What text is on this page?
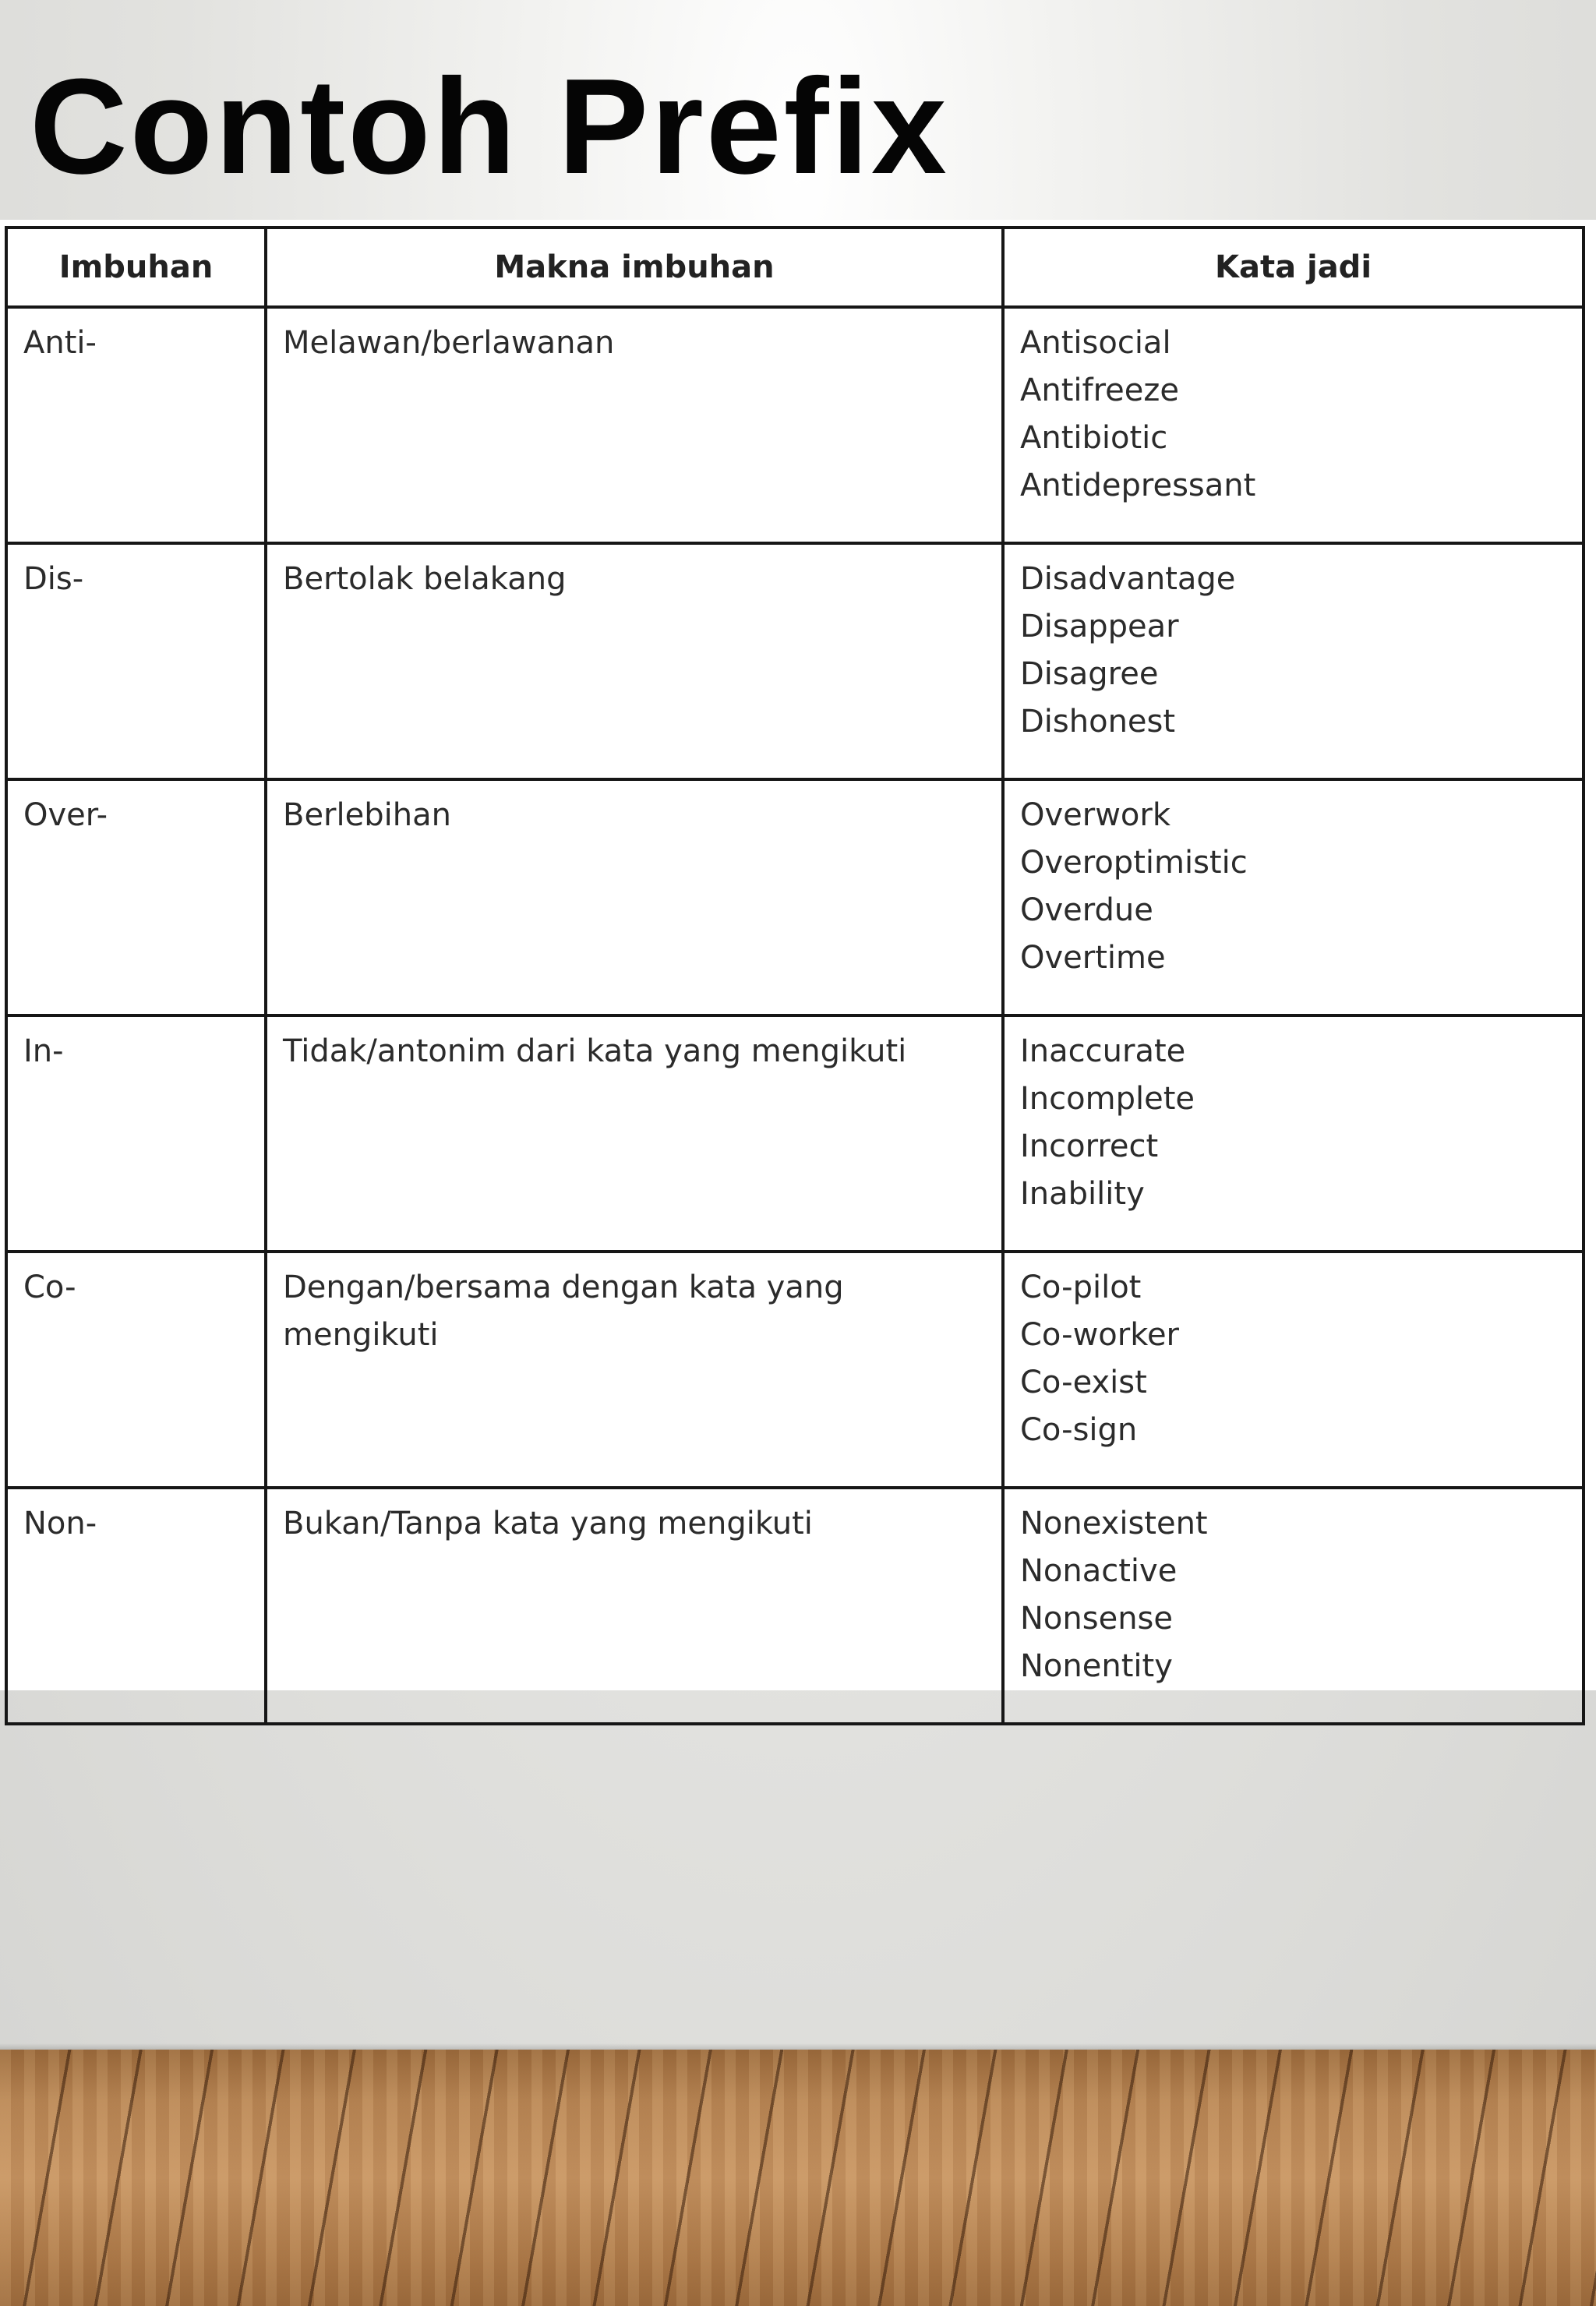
Contoh Prefix
Imbuhan	Makna imbuhan	Kata jadi
Anti-	Melawan/berlawanan	Antisocial
Antifreeze
Antibiotic
Antidepressant

Dis-	Bertolak belakang	Disadvantage
Disappear
Disagree
Dishonest

Over-	Berlebihan	Overwork
Overoptimistic
Overdue
Overtime

In-	Tidak/antonim dari kata yang mengikuti	Inaccurate
Incomplete
Incorrect
Inability

Co-	Dengan/bersama dengan kata yang mengikuti	Co-pilot
Co-worker
Co-exist
Co-sign

Non-	Bukan/Tanpa kata yang mengikuti	Nonexistent
Nonactive
Nonsense
Nonentity
